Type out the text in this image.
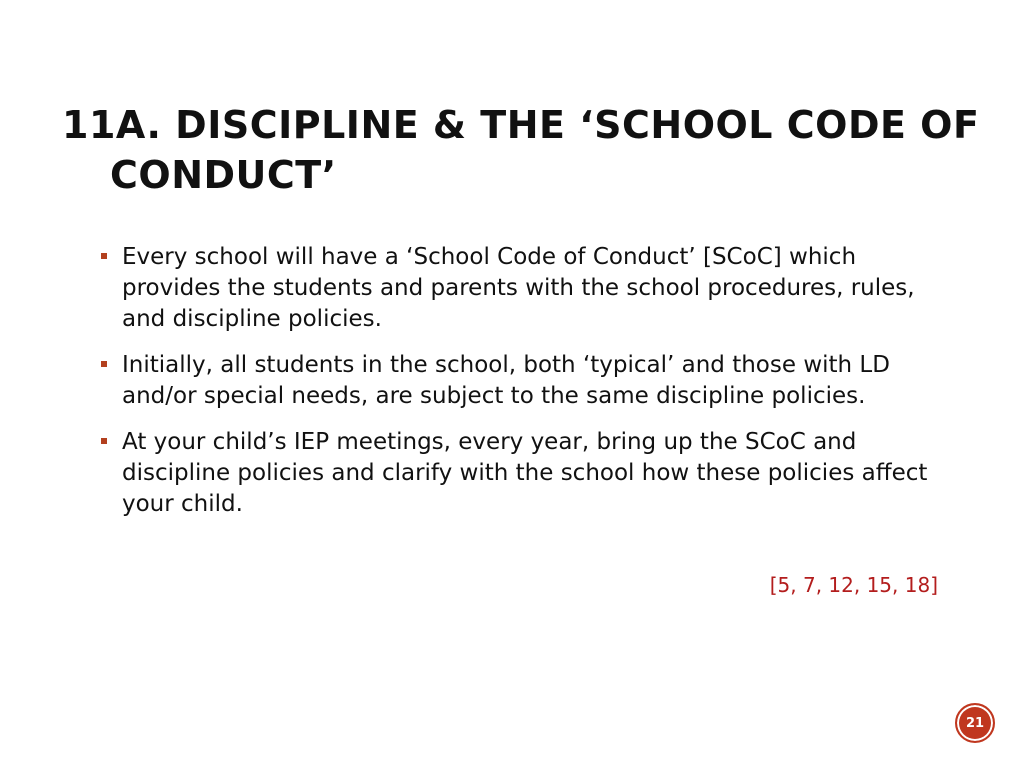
11A. DISCIPLINE & THE ‘SCHOOL CODE OF CONDUCT’
Every school will have a ‘School Code of Conduct’ [SCoC] which provides the students and parents with the school procedures, rules, and discipline policies.
Initially, all students in the school, both ‘typical’ and those with LD and/or special needs, are subject to the same discipline policies.
At your child’s IEP meetings, every year, bring up the SCoC and discipline policies and clarify with the school how these policies affect your child.
[5, 7, 12, 15, 18]
21
